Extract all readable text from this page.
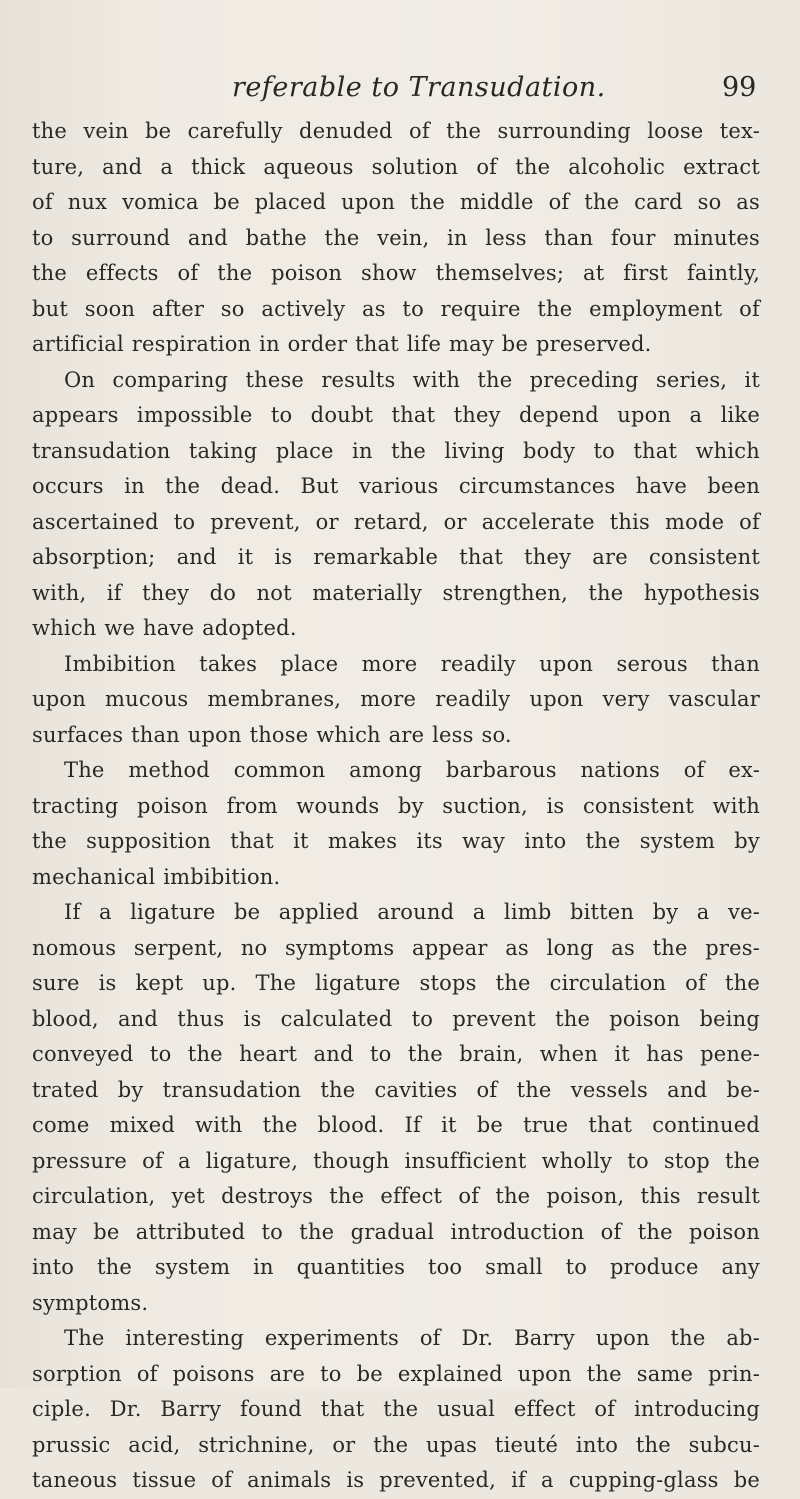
referable to Transudation.	99
the vein be carefully denuded of the surrounding loose tex-
ture, and a thick aqueous solution of the alcoholic extract
of nux vomica be placed upon the middle of the card so as
to surround and bathe the vein, in less than four minutes
the effects of the poison show themselves; at first faintly,
but soon after so actively as to require the employment of
artificial respiration in order that life may be preserved.
On comparing these results with the preceding series, it
appears impossible to doubt that they depend upon a like
transudation taking place in the living body to that which
occurs in the dead. But various circumstances have been
ascertained to prevent, or retard, or accelerate this mode of
absorption; and it is remarkable that they are consistent
with, if they do not materially strengthen, the hypothesis
which we have adopted.
Imbibition takes place more readily upon serous than
upon mucous membranes, more readily upon very vascular
surfaces than upon those which are less so.
The method common among barbarous nations of ex-
tracting poison from wounds by suction, is consistent with
the supposition that it makes its way into the system by
mechanical imbibition.
If a ligature be applied around a limb bitten by a ve-
nomous serpent, no symptoms appear as long as the pres-
sure is kept up. The ligature stops the circulation of the
blood, and thus is calculated to prevent the poison being
conveyed to the heart and to the brain, when it has pene-
trated by transudation the cavities of the vessels and be-
come mixed with the blood. If it be true that continued
pressure of a ligature, though insufficient wholly to stop the
circulation, yet destroys the effect of the poison, this result
may be attributed to the gradual introduction of the poison
into the system in quantities too small to produce any
symptoms.
The interesting experiments of Dr. Barry upon the ab-
sorption of poisons are to be explained upon the same prin-
ciple. Dr. Barry found that the usual effect of introducing
prussic acid, strichnine, or the upas tieuté into the subcu-
taneous tissue of animals is prevented, if a cupping-glass be
